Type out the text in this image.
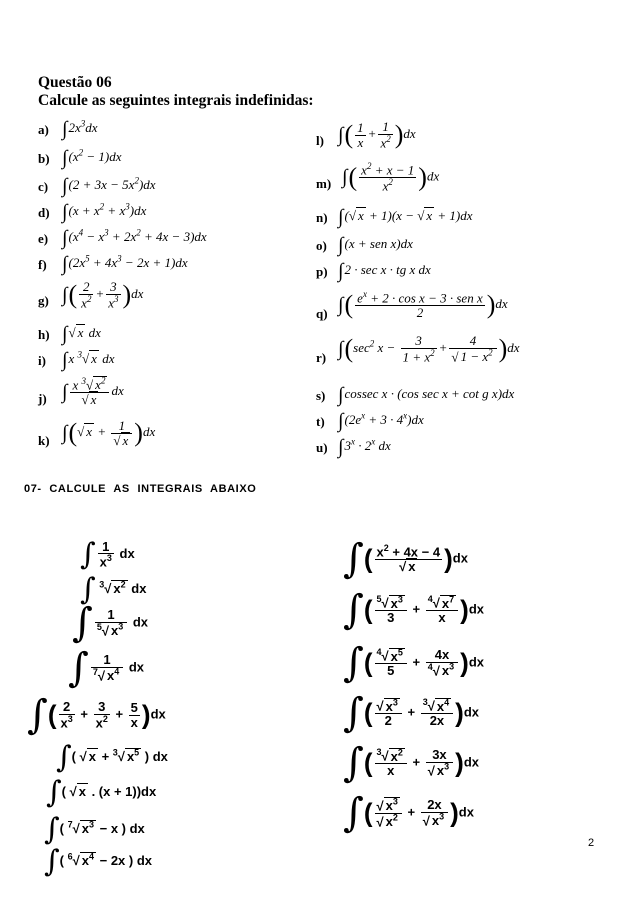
Questão 06
Calcule as seguintes integrais indefinidas:
a) $\int 2x^3dx$
b) $\int(x^2 - 1)dx$
c) $\int(2 + 3x - 5x^2)dx$
d) $\int(x + x^2 + x^3)dx$
e) $\int(x^4 - x^3 + 2x^2 + 4x - 3)dx$
f) $\int(2x^5 + 4x^3 - 2x + 1)dx$
g) ∫( $\frac{2}{x^2} + \frac{3}{x^3} )dx$
h) ∫√ x dx
i) ∫x $^3$√ x dx
j) ∫ $\frac{x ^3√ x^2}{√ x}$ dx
k) ∫(√ $x + \frac{1}{√ x} )dx$
l) ∫( $\frac{1}{x} + \frac{1}{x^2} )dx$
m) ∫( $\frac{x^2 + x - 1}{x^2} )dx$
n) ∫(√ x + 1)(x − √ x + 1)dx
o) ∫(x + sen x)dx
p) ∫2 · sec x · tg x dx
q) ∫( $\frac{e^x + 2 \cdot \cos x - 3 \cdot sen x}{2} )dx$
r) $\int(\sec^2$ $x - \frac{3}{1 + x^2} + \frac{4}{√ 1 - x^2} )dx$
s) ∫cossec x · (cos sec x + cot g x)dx
t) $\int(2e^x + 3 \cdot 4^x)dx$
u) $\int 3^x \cdot 2^x$ dx
07- CALCULE AS INTEGRAIS ABAIXO
∫ $\frac{1}{x^3}$ dx
∫ $^3$√ $x^2$ dx
∫ $\frac{1}{^5√ x^3}$ dx
∫ $\frac{1}{^7√ x^4}$ dx
∫( $\frac{2}{x^3} + \frac{3}{x^2} + \frac{5}{x} )dx$
∫( √ x + $^3$√ $x^5$ ) dx
∫( √ x . (x + 1))dx
∫( $^7$√ $x^3 - x$ ) dx
∫( $^6$√ $x^4 - 2x$ ) dx
∫( $\frac{x^2 + 4x - 4}{√ x} )dx$
∫( $\frac{^5√ x^3}{3} + \frac{^4√ x^7}{x} )dx$
∫( $\frac{^4√ x^5}{5} + \frac{4x}{^4√ x^3} )dx$
∫( $\frac{√ x^3}{2} + \frac{^3√ x^4}{2x} )dx$
∫( $\frac{^3√ x^2}{x} + \frac{3x}{√ x^3} )dx$
∫( $\frac{√ x^3}{√ x^2} + \frac{2x}{√ x^3} )dx$
2
